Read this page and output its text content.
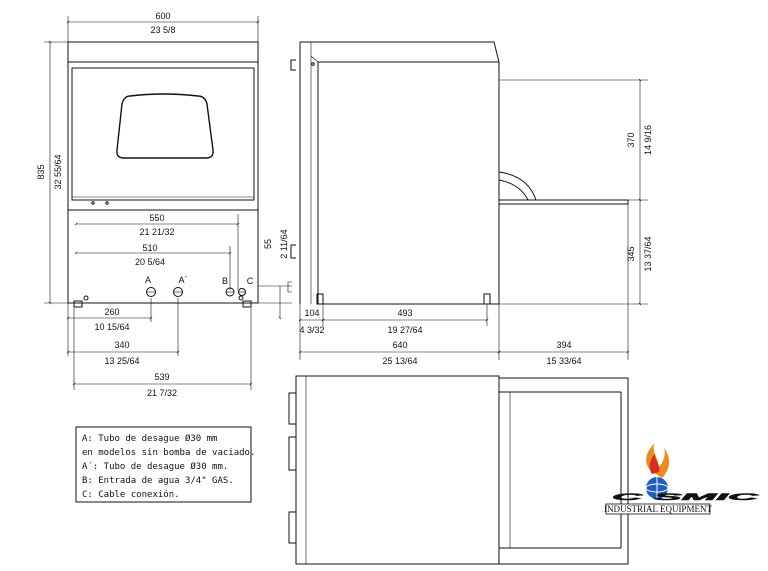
600
23 5/8
835 32 55/64
550
21 21/32
510
20 5/64
A	A´	B C
55 2 11/64
260
10 15/64
340
13 25/64
539
21 7/32
370 14 9/16
345 13 37/64
104
4 3/32
493
19 27/64
640
25 13/64
394
15 33/64
A: Tubo de desague Ø30 mm
en modelos sin bomba de vaciado.
A´: Tubo de desague Ø30 mm.
B: Entrada de agua 3/4" GAS.
C: Cable conexión.	C SMIC
INDUSTRIAL EQUIPMENT
